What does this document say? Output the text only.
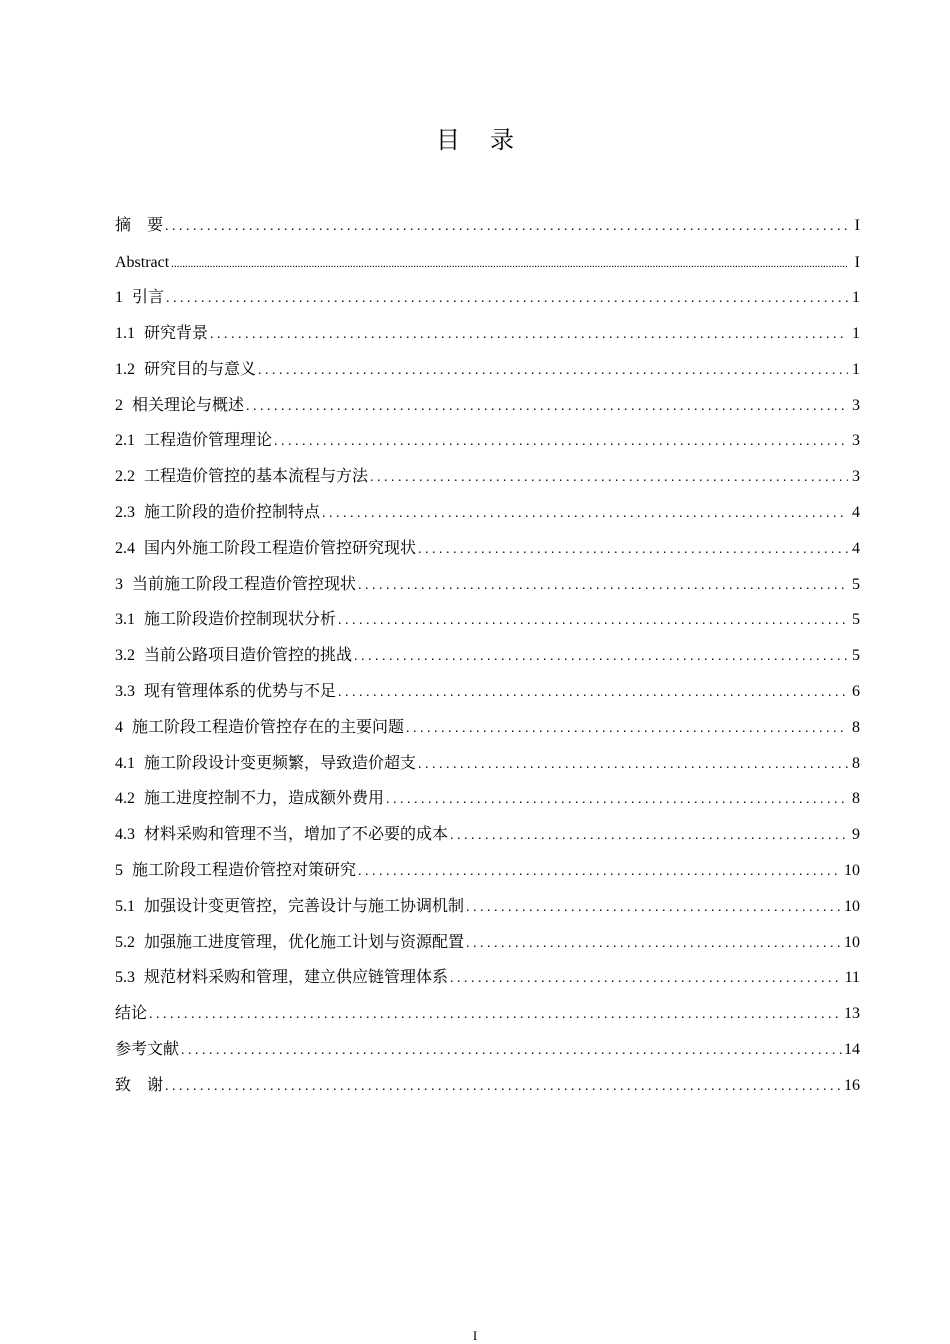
目 录
摘　要 . . .	I
Abstract .....	I
1 引言 . . .	1
1.1 研究背景 . . .	1
1.2 研究目的与意义 . . .	1
2 相关理论与概述 . . .	3
2.1 工程造价管理理论 . . .	3
2.2 工程造价管控的基本流程与方法 . . .	3
2.3 施工阶段的造价控制特点 . . .	4
2.4 国内外施工阶段工程造价管控研究现状 . . .	4
3 当前施工阶段工程造价管控现状 . . .	5
3.1 施工阶段造价控制现状分析 . . .	5
3.2 当前公路项目造价管控的挑战 . . .	5
3.3 现有管理体系的优势与不足 . . .	6
4 施工阶段工程造价管控存在的主要问题 . . .	8
4.1 施工阶段设计变更频繁，导致造价超支 . . .	8
4.2 施工进度控制不力，造成额外费用 . . .	8
4.3 材料采购和管理不当，增加了不必要的成本 . . .	9
5 施工阶段工程造价管控对策研究 . . .	10
5.1 加强设计变更管控，完善设计与施工协调机制 . . .	10
5.2 加强施工进度管理，优化施工计划与资源配置 . . .	10
5.3 规范材料采购和管理，建立供应链管理体系 . . .	11
结论 . . .	13
参考文献 . . .	14
致　谢 . . .	16
I
